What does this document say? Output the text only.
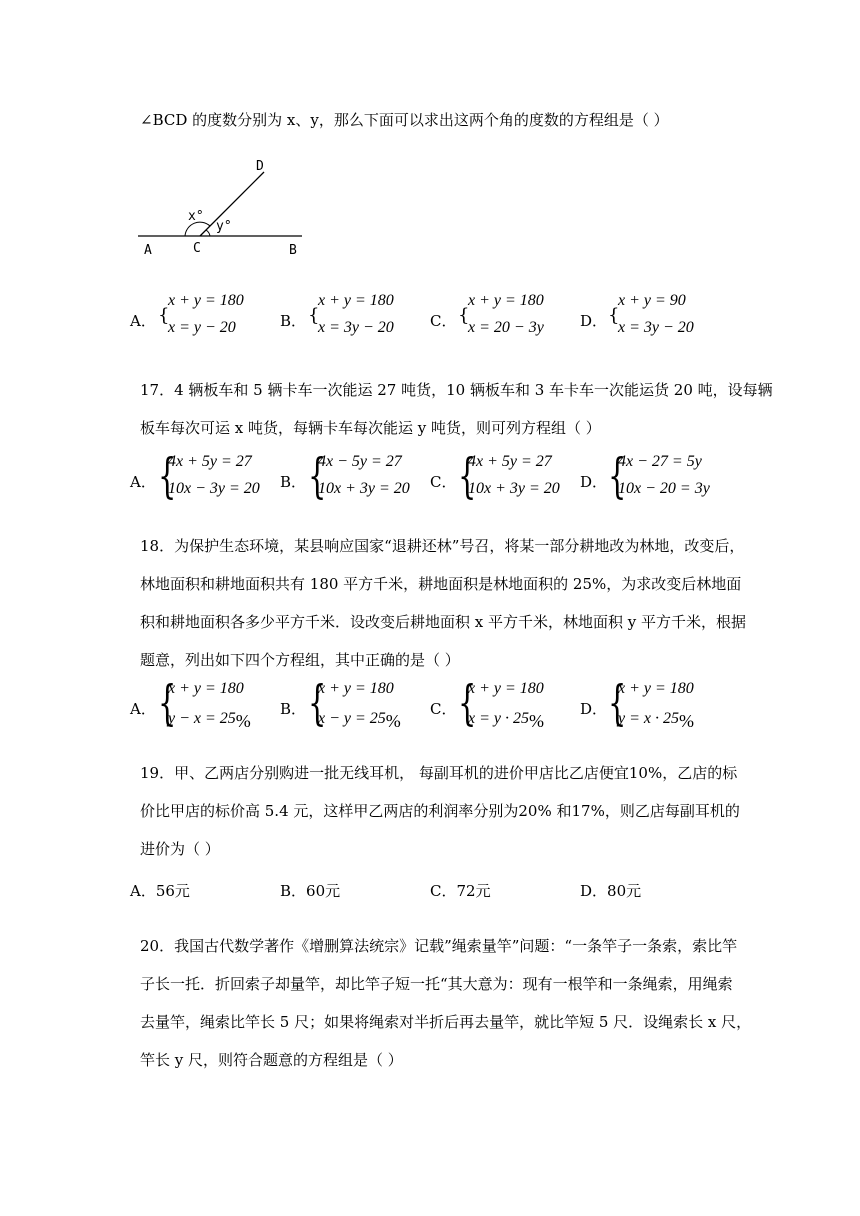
∠BCD 的度数分别为 x、y，那么下面可以求出这两个角的度数的方程组是（ ）
D
A	C	B
x°
y°
A． {
x + y = 180
x = y − 20	B． {
x + y = 180
x = 3y − 20 C． {
x + y = 180
x = 20 − 3y D． {
x + y = 90
x = 3y − 20
17．4 辆板车和 5 辆卡车一次能运 27 吨货，10 辆板车和 3 车卡车一次能运货 20 吨，设每辆
板车每次可运 x 吨货，每辆卡车每次能运 y 吨货，则可列方程组（ ）
A． {
4x + 5y = 27
10x − 3y = 20 B． {
4x − 5y = 27
10x + 3y = 20 C． {
4x + 5y = 27
10x + 3y = 20 D． {
4x − 27 = 5y
10x − 20 = 3y
18．为保护生态环境，某县响应国家“退耕还林”号召，将某一部分耕地改为林地，改变后，
林地面积和耕地面积共有 180 平方千米，耕地面积是林地面积的 25%，为求改变后林地面
积和耕地面积各多少平方千米．设改变后耕地面积 x 平方千米，林地面积 y 平方千米，根据
题意，列出如下四个方程组，其中正确的是（ ）
A． {
x + y = 180
y − x = 25%
B． {
x + y = 180
x − y = 25%
C． {
x + y = 180
x = y · 25%
D． {
x + y = 180
y = x · 25%
19．甲、乙两店分别购进一批无线耳机， 每副耳机的进价甲店比乙店便宜10%，乙店的标
价比甲店的标价高 5.4 元，这样甲乙两店的利润率分别为20% 和17%，则乙店每副耳机的
进价为（ ）
A．56元	B．60元	C．72元	D．80元
20．我国古代数学著作《增删算法统宗》记载”绳索量竿”问题：“一条竿子一条索，索比竿
子长一托．折回索子却量竿，却比竿子短一托“其大意为：现有一根竿和一条绳索，用绳索
去量竿，绳索比竿长 5 尺；如果将绳索对半折后再去量竿，就比竿短 5 尺．设绳索长 x 尺，
竿长 y 尺，则符合题意的方程组是（ ）
